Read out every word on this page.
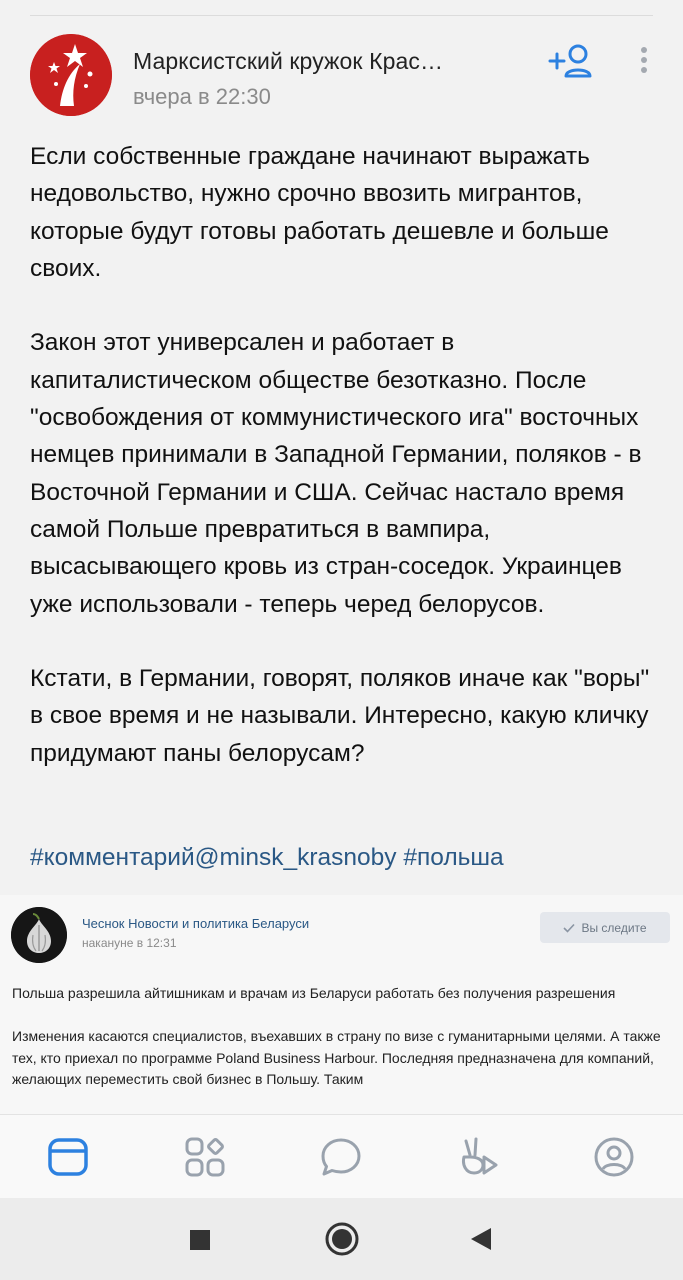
Марксистский кружок Крас…
вчера в 22:30

Если собственные граждане начинают выражать недовольство, нужно срочно ввозить мигрантов, которые будут готовы работать дешевле и больше своих.

Закон этот универсален и работает в капиталистическом обществе безотказно. После "освобождения от коммунистического ига" восточных немцев принимали в Западной Германии, поляков - в Восточной Германии и США. Сейчас настало время самой Польше превратиться в вампира, высасывающего кровь из стран-соседок. Украинцев уже использовали - теперь черед белорусов.

Кстати, в Германии, говорят, поляков иначе как "воры" в свое время и не называли. Интересно, какую кличку придумают паны белорусам?

#комментарий@minsk_krasnoby #польша
Чеснок Новости и политика Беларуси
накануне в 12:31
Вы следите

Польша разрешила айтишникам и врачам из Беларуси работать без получения разрешения

Изменения касаются специалистов, въехавших в страну по визе с гуманитарными целями. А также тех, кто приехал по программе Poland Business Harbour. Последняя предназначена для компаний, желающих переместить свой бизнес в Польшу. Таким
